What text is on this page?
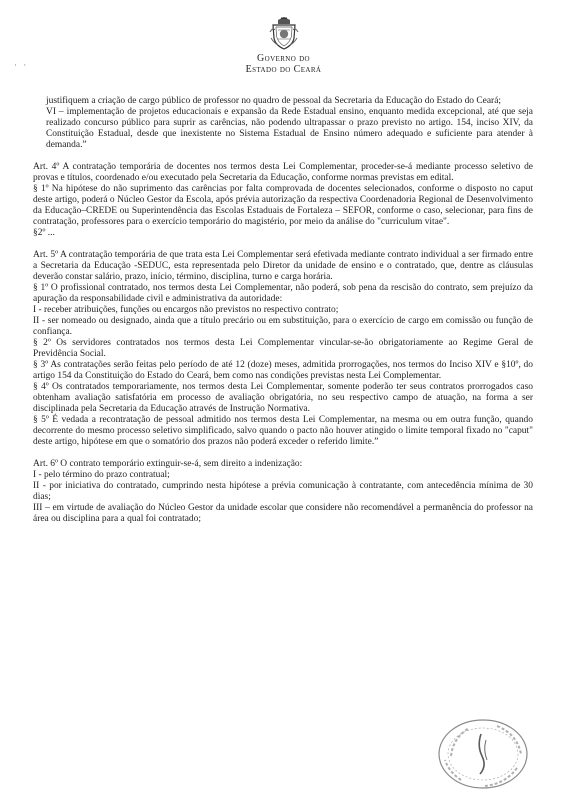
· ·
Governo do
Estado do Ceará

justifiquem a criação de cargo público de professor no quadro de pessoal da Secretaria da Educação do Estado do Ceará;

VI – implementação de projetos educacionais e expansão da Rede Estadual ensino, enquanto medida excepcional, até que seja realizado concurso público para suprir as carências, não podendo ultrapassar o prazo previsto no artigo. 154, inciso XIV, da Constituição Estadual, desde que inexistente no Sistema Estadual de Ensino número adequado e suficiente para atender à demanda.”

Art. 4º A contratação temporária de docentes nos termos desta Lei Complementar, proceder-se-á mediante processo seletivo de provas e títulos, coordenado e/ou executado pela Secretaria da Educação, conforme normas previstas em edital.

§ 1º Na hipótese do não suprimento das carências por falta comprovada de docentes selecionados, conforme o disposto no caput deste artigo, poderá o Núcleo Gestor da Escola, após prévia autorização da respectiva Coordenadoria Regional de Desenvolvimento da Educação–CREDE ou Superintendência das Escolas Estaduais de Fortaleza – SEFOR, conforme o caso, selecionar, para fins de contratação, professores para o exercício temporário do magistério, por meio da análise do "curriculum vitae".

§2º ...

Art. 5º A contratação temporária de que trata esta Lei Complementar será efetivada mediante contrato individual a ser firmado entre a Secretaria da Educação -SEDUC, esta representada pelo Diretor da unidade de ensino e o contratado, que, dentre as cláusulas deverão constar salário, prazo, início, término, disciplina, turno e carga horária.

§ 1º O profissional contratado, nos termos desta Lei Complementar, não poderá, sob pena da rescisão do contrato, sem prejuízo da apuração da responsabilidade civil e administrativa da autoridade:

I - receber atribuições, funções ou encargos não previstos no respectivo contrato;

II - ser nomeado ou designado, ainda que a título precário ou em substituição, para o exercício de cargo em comissão ou função de confiança.

§ 2º Os servidores contratados nos termos desta Lei Complementar vincular-se-ão obrigatoriamente ao Regime Geral de Previdência Social.

§ 3º As contratações serão feitas pelo período de até 12 (doze) meses, admitida prorrogações, nos termos do Inciso XIV e §10º, do artigo 154 da Constituição do Estado do Ceará, bem como nas condições previstas nesta Lei Complementar.

§ 4º Os contratados temporariamente, nos termos desta Lei Complementar, somente poderão ter seus contratos prorrogados caso obtenham avaliação satisfatória em processo de avaliação obrigatória, no seu respectivo campo de atuação, na forma a ser disciplinada pela Secretaria da Educação através de Instrução Normativa.

§ 5º É vedada a recontratação de pessoal admitido nos termos desta Lei Complementar, na mesma ou em outra função, quando decorrente do mesmo processo seletivo simplificado, salvo quando o pacto não houver atingido o limite temporal fixado no "caput" deste artigo, hipótese em que o somatório dos prazos não poderá exceder o referido limite.”

Art. 6º O contrato temporário extinguir-se-á, sem direito a indenização:

I - pelo término do prazo contratual;

II - por iniciativa do contratado, cumprindo nesta hipótese a prévia comunicação à contratante, com antecedência mínima de 30 dias;

III – em virtude de avaliação do Núcleo Gestor da unidade escolar que considere não recomendável a permanência do professor na área ou disciplina para a qual foi contratado;
